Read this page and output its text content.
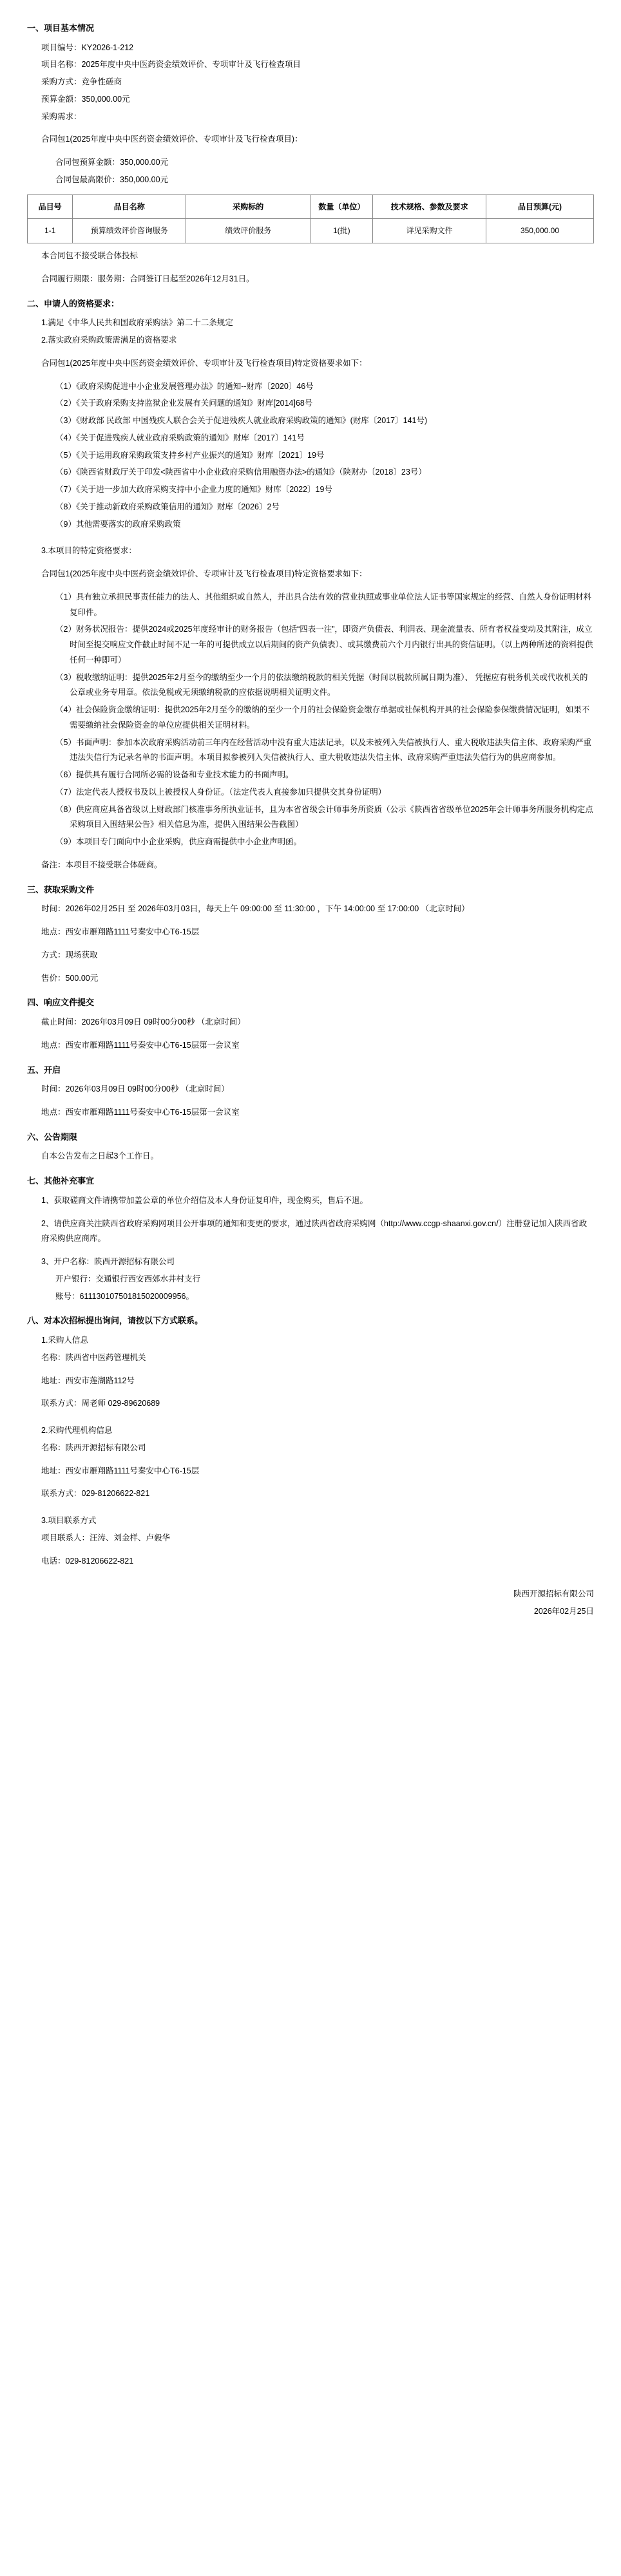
一、项目基本情况
项目编号：KY2026-1-212
项目名称：2025年度中央中医药资金绩效评价、专项审计及飞行检查项目
采购方式：竞争性磋商
预算金额：350,000.00元
采购需求：
合同包1(2025年度中央中医药资金绩效评价、专项审计及飞行检查项目)：
合同包预算金额：350,000.00元
合同包最高限价：350,000.00元
品目号	品目名称	采购标的	数量（单位）	技术规格、参数及要求	品目预算(元)
1-1	预算绩效评价咨询服务	绩效评价服务	1(批)	详见采购文件	350,000.00
本合同包不接受联合体投标
合同履行期限：服务期：合同签订日起至2026年12月31日。
二、申请人的资格要求：
1.满足《中华人民共和国政府采购法》第二十二条规定
2.落实政府采购政策需满足的资格要求
合同包1(2025年度中央中医药资金绩效评价、专项审计及飞行检查项目)特定资格要求如下：
（1）《政府采购促进中小企业发展管理办法》的通知--财库〔2020〕46号
（2）《关于政府采购支持监狱企业发展有关问题的通知》财库[2014]68号
（3）《财政部 民政部 中国残疾人联合会关于促进残疾人就业政府采购政策的通知》(财库〔2017〕141号)
（4）《关于促进残疾人就业政府采购政策的通知》财库〔2017〕141号
（5）《关于运用政府采购政策支持乡村产业振兴的通知》财库〔2021〕19号
（6）《陕西省财政厅关于印发<陕西省中小企业政府采购信用融资办法>的通知》（陕财办〔2018〕23号）
（7）《关于进一步加大政府采购支持中小企业力度的通知》财库〔2022〕19号
（8）《关于推动新政府采购政策信用的通知》财库〔2026〕2号
（9）其他需要落实的政府采购政策
3.本项目的特定资格要求：
合同包1(2025年度中央中医药资金绩效评价、专项审计及飞行检查项目)特定资格要求如下：
（1）具有独立承担民事责任能力的法人、其他组织或自然人，并出具合法有效的营业执照或事业单位法人证书等国家规定的经营、自然人身份证明材料复印件。
（2）财务状况报告：提供2024或2025年度经审计的财务报告（包括“四表一注”，即资产负债表、利润表、现金流量表、所有者权益变动及其附注，成立时间至提交响应文件截止时间不足一年的可提供成立以后期间的资产负债表）、或其缴费前六个月内银行出具的资信证明。（以上两种所述的资料提供任何一种即可）
（3）税收缴纳证明：提供2025年2月至今的缴纳至少一个月的依法缴纳税款的相关凭据（时间以税款所属日期为准）、 凭据应有税务机关或代收机关的公章或业务专用章。依法免税或无须缴纳税款的应依据说明相关证明文件。
（4）社会保险资金缴纳证明：提供2025年2月至今的缴纳的至少一个月的社会保险资金缴存单据或社保机构开具的社会保险参保缴费情况证明，如果不需要缴纳社会保险资金的单位应提供相关证明材料。
（5）书面声明：参加本次政府采购活动前三年内在经营活动中没有重大违法记录，以及未被列入失信被执行人、重大税收违法失信主体、政府采购严重违法失信行为记录名单的书面声明。本项目拟参被列入失信被执行人、重大税收违法失信主体、政府采购严重违法失信行为的供应商参加。
（6）提供具有履行合同所必需的设备和专业技术能力的书面声明。
（7）法定代表人授权书及以上被授权人身份证。（法定代表人直接参加只提供交其身份证明）
（8）供应商应具备省级以上财政部门核准事务所执业证书，且为本省省级会计师事务所资质（公示《陕西省省级单位2025年会计师事务所服务机构定点采购项目入围结果公告》相关信息为准，提供入围结果公告截图）
（9）本项目专门面向中小企业采购，供应商需提供中小企业声明函。
备注：本项目不接受联合体磋商。
三、获取采购文件
时间：2026年02月25日 至 2026年03月03日，每天上午 09:00:00 至 11:30:00 ，下午 14:00:00 至 17:00:00 （北京时间）
地点：西安市雁翔路1111号秦安中心T6-15层
方式：现场获取
售价：500.00元
四、响应文件提交
截止时间：2026年03月09日 09时00分00秒 （北京时间）
地点：西安市雁翔路1111号秦安中心T6-15层第一会议室
五、开启
时间：2026年03月09日 09时00分00秒 （北京时间）
地点：西安市雁翔路1111号秦安中心T6-15层第一会议室
六、公告期限
自本公告发布之日起3个工作日。
七、其他补充事宜
1、获取磋商文件请携带加盖公章的单位介绍信及本人身份证复印件，现金购买，售后不退。
2、请供应商关注陕西省政府采购网项目公开事项的通知和变更的要求，通过陕西省政府采购网（http://www.ccgp-shaanxi.gov.cn/）注册登记加入陕西省政府采购供应商库。
3、开户名称：陕西开源招标有限公司
开户银行：交通银行西安西郊水井村支行
账号：611130107501815020009956。
八、对本次招标提出询问，请按以下方式联系。
1.采购人信息
名称：陕西省中医药管理机关
地址：西安市莲湖路112号
联系方式：周老师 029-89620689
2.采购代理机构信息
名称：陕西开源招标有限公司
地址：西安市雁翔路1111号秦安中心T6-15层
联系方式：029-81206622-821
3.项目联系方式
项目联系人：汪涛、刘金样、卢毅华
电话：029-81206622-821
陕西开源招标有限公司
2026年02月25日
